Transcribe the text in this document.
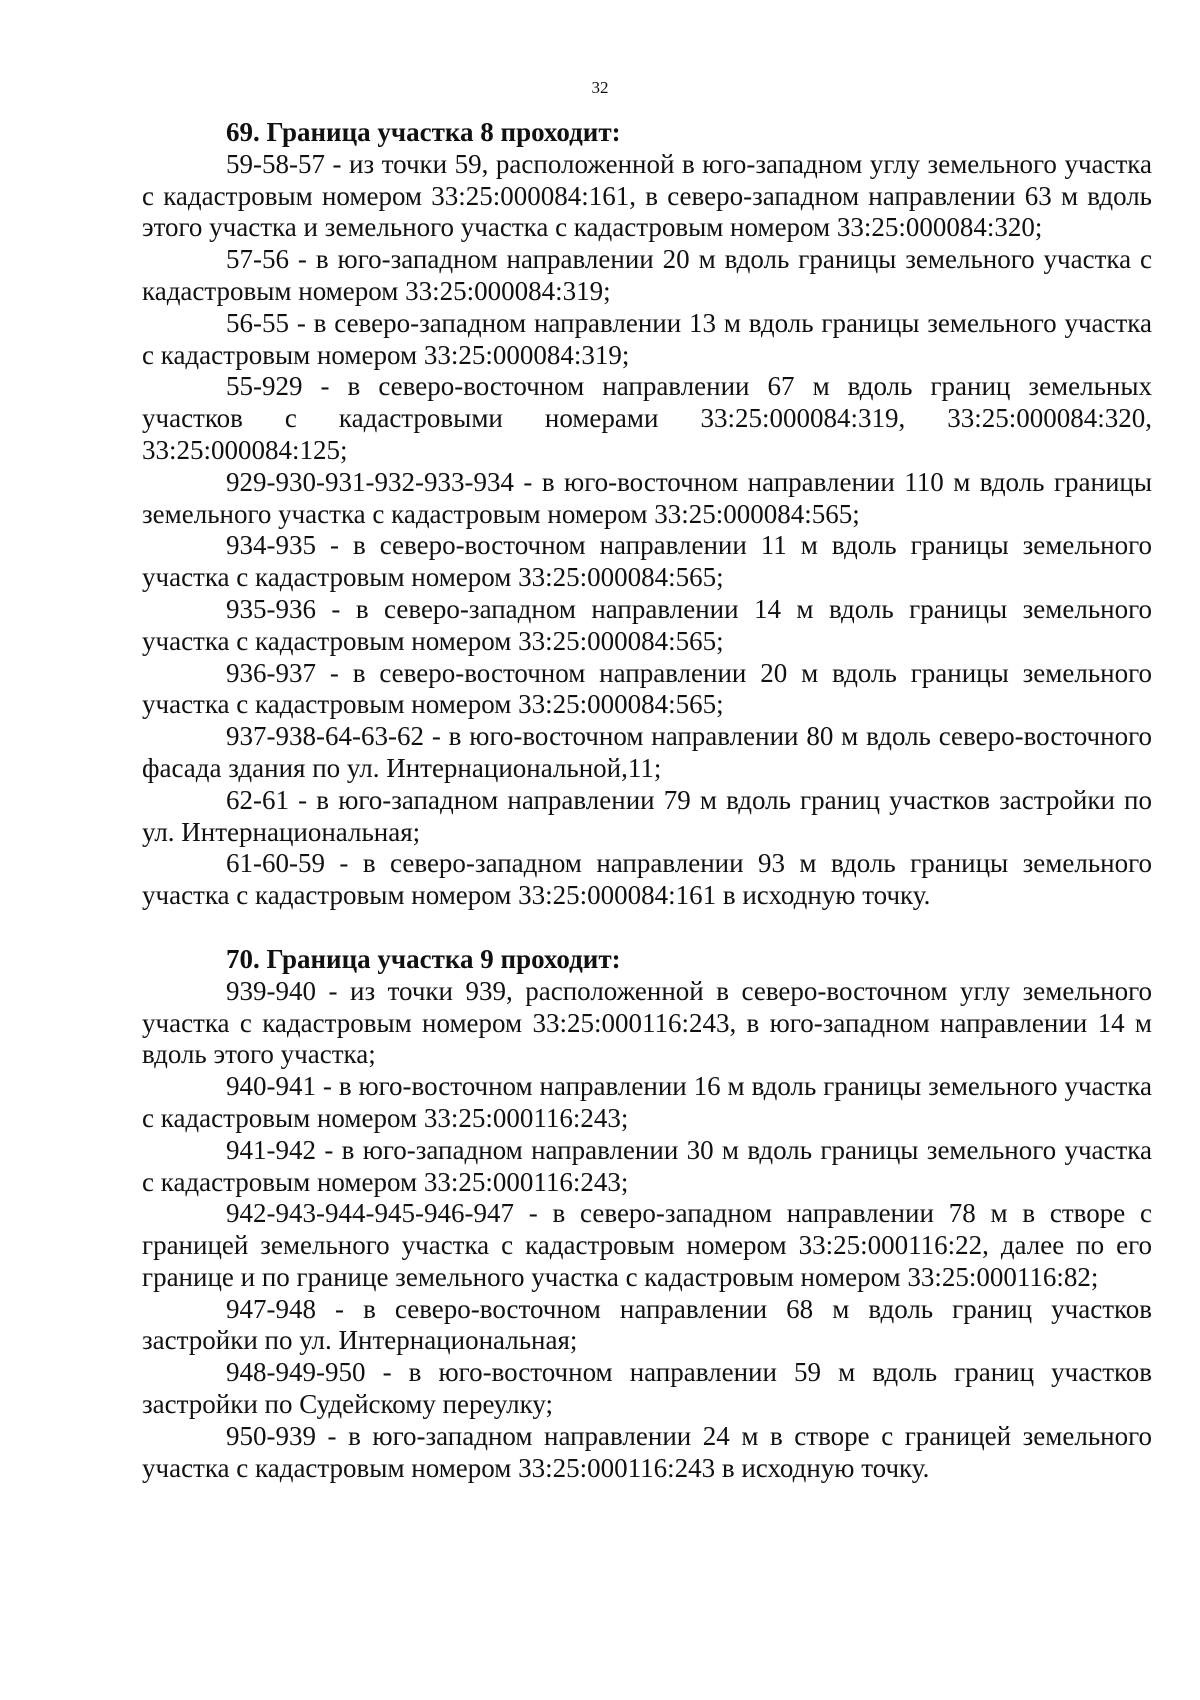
32

69. Граница участка 8 проходит:

59-58-57 - из точки 59, расположенной в юго-западном углу земельного участка с кадастровым номером 33:25:000084:161, в северо-западном направлении 63 м вдоль этого участка и земельного участка с кадастровым номером 33:25:000084:320;

57-56 - в юго-западном направлении 20 м вдоль границы земельного участка с кадастровым номером 33:25:000084:319;

56-55 - в северо-западном направлении 13 м вдоль границы земельного участка с кадастровым номером 33:25:000084:319;

55-929 - в северо-восточном направлении 67 м вдоль границ земельных участков с кадастровыми номерами 33:25:000084:319, 33:25:000084:320, 33:25:000084:125;

929-930-931-932-933-934 - в юго-восточном направлении 110 м вдоль границы земельного участка с кадастровым номером 33:25:000084:565;

934-935 - в северо-восточном направлении 11 м вдоль границы земельного участка с кадастровым номером 33:25:000084:565;

935-936 - в северо-западном направлении 14 м вдоль границы земельного участка с кадастровым номером 33:25:000084:565;

936-937 - в северо-восточном направлении 20 м вдоль границы земельного участка с кадастровым номером 33:25:000084:565;

937-938-64-63-62 - в юго-восточном направлении 80 м вдоль северо-восточного фасада здания по ул. Интернациональной,11;

62-61 - в юго-западном направлении 79 м вдоль границ участков застройки по ул. Интернациональная;

61-60-59 - в северо-западном направлении 93 м вдоль границы земельного участка с кадастровым номером 33:25:000084:161 в исходную точку.

70. Граница участка 9 проходит:

939-940 - из точки 939, расположенной в северо-восточном углу земельного участка с кадастровым номером 33:25:000116:243, в юго-западном направлении 14 м вдоль этого участка;

940-941 - в юго-восточном направлении 16 м вдоль границы земельного участка с кадастровым номером 33:25:000116:243;

941-942 - в юго-западном направлении 30 м вдоль границы земельного участка с кадастровым номером 33:25:000116:243;

942-943-944-945-946-947 - в северо-западном направлении 78 м в створе с границей земельного участка с кадастровым номером 33:25:000116:22, далее по его границе и по границе земельного участка с кадастровым номером 33:25:000116:82;

947-948 - в северо-восточном направлении 68 м вдоль границ участков застройки по ул. Интернациональная;

948-949-950 - в юго-восточном направлении 59 м вдоль границ участков застройки по Судейскому переулку;

950-939 - в юго-западном направлении 24 м в створе с границей земельного участка с кадастровым номером 33:25:000116:243 в исходную точку.
